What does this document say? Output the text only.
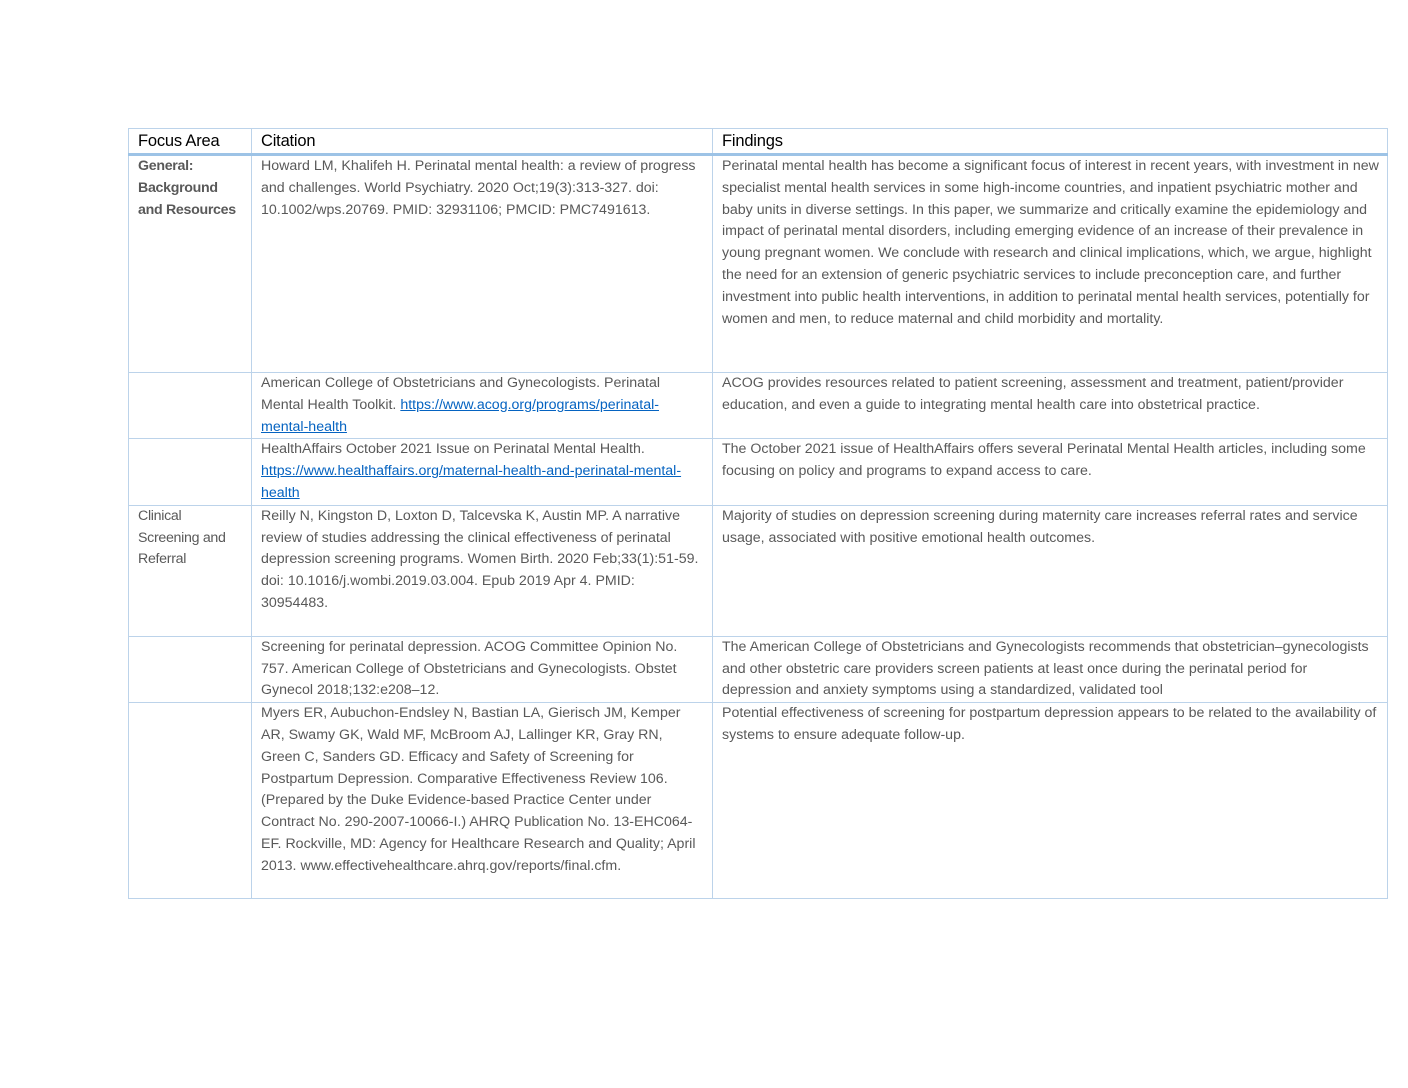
Focus Area	Citation	Findings
General: Background and Resources	Howard LM, Khalifeh H. Perinatal mental health: a review of progress and challenges. World Psychiatry. 2020 Oct;19(3):313-327. doi: 10.1002/wps.20769. PMID: 32931106; PMCID: PMC7491613.	Perinatal mental health has become a significant focus of interest in recent years, with investment in new specialist mental health services in some high-income countries, and inpatient psychiatric mother and baby units in diverse settings. In this paper, we summarize and critically examine the epidemiology and impact of perinatal mental disorders, including emerging evidence of an increase of their prevalence in young pregnant women. We conclude with research and clinical implications, which, we argue, highlight the need for an extension of generic psychiatric services to include preconception care, and further investment into public health interventions, in addition to perinatal mental health services, potentially for women and men, to reduce maternal and child morbidity and mortality.
	American College of Obstetricians and Gynecologists. Perinatal Mental Health Toolkit. https://www.acog.org/programs/perinatal-mental-health	ACOG provides resources related to patient screening, assessment and treatment, patient/provider education, and even a guide to integrating mental health care into obstetrical practice.
	HealthAffairs October 2021 Issue on Perinatal Mental Health. https://www.healthaffairs.org/maternal-health-and-perinatal-mental-health	The October 2021 issue of HealthAffairs offers several Perinatal Mental Health articles, including some focusing on policy and programs to expand access to care.
Clinical Screening and Referral	Reilly N, Kingston D, Loxton D, Talcevska K, Austin MP. A narrative review of studies addressing the clinical effectiveness of perinatal depression screening programs. Women Birth. 2020 Feb;33(1):51-59. doi: 10.1016/j.wombi.2019.03.004. Epub 2019 Apr 4. PMID: 30954483.	Majority of studies on depression screening during maternity care increases referral rates and service usage, associated with positive emotional health outcomes.
	Screening for perinatal depression. ACOG Committee Opinion No. 757. American College of Obstetricians and Gynecologists. Obstet Gynecol 2018;132:e208–12.	The American College of Obstetricians and Gynecologists recommends that obstetrician–gynecologists and other obstetric care providers screen patients at least once during the perinatal period for depression and anxiety symptoms using a standardized, validated tool
	Myers ER, Aubuchon-Endsley N, Bastian LA, Gierisch JM, Kemper AR, Swamy GK, Wald MF, McBroom AJ, Lallinger KR, Gray RN, Green C, Sanders GD. Efficacy and Safety of Screening for Postpartum Depression. Comparative Effectiveness Review 106. (Prepared by the Duke Evidence-based Practice Center under Contract No. 290-2007-10066-I.) AHRQ Publication No. 13-EHC064-EF. Rockville, MD: Agency for Healthcare Research and Quality; April 2013. www.effectivehealthcare.ahrq.gov/reports/final.cfm.	Potential effectiveness of screening for postpartum depression appears to be related to the availability of systems to ensure adequate follow-up.
